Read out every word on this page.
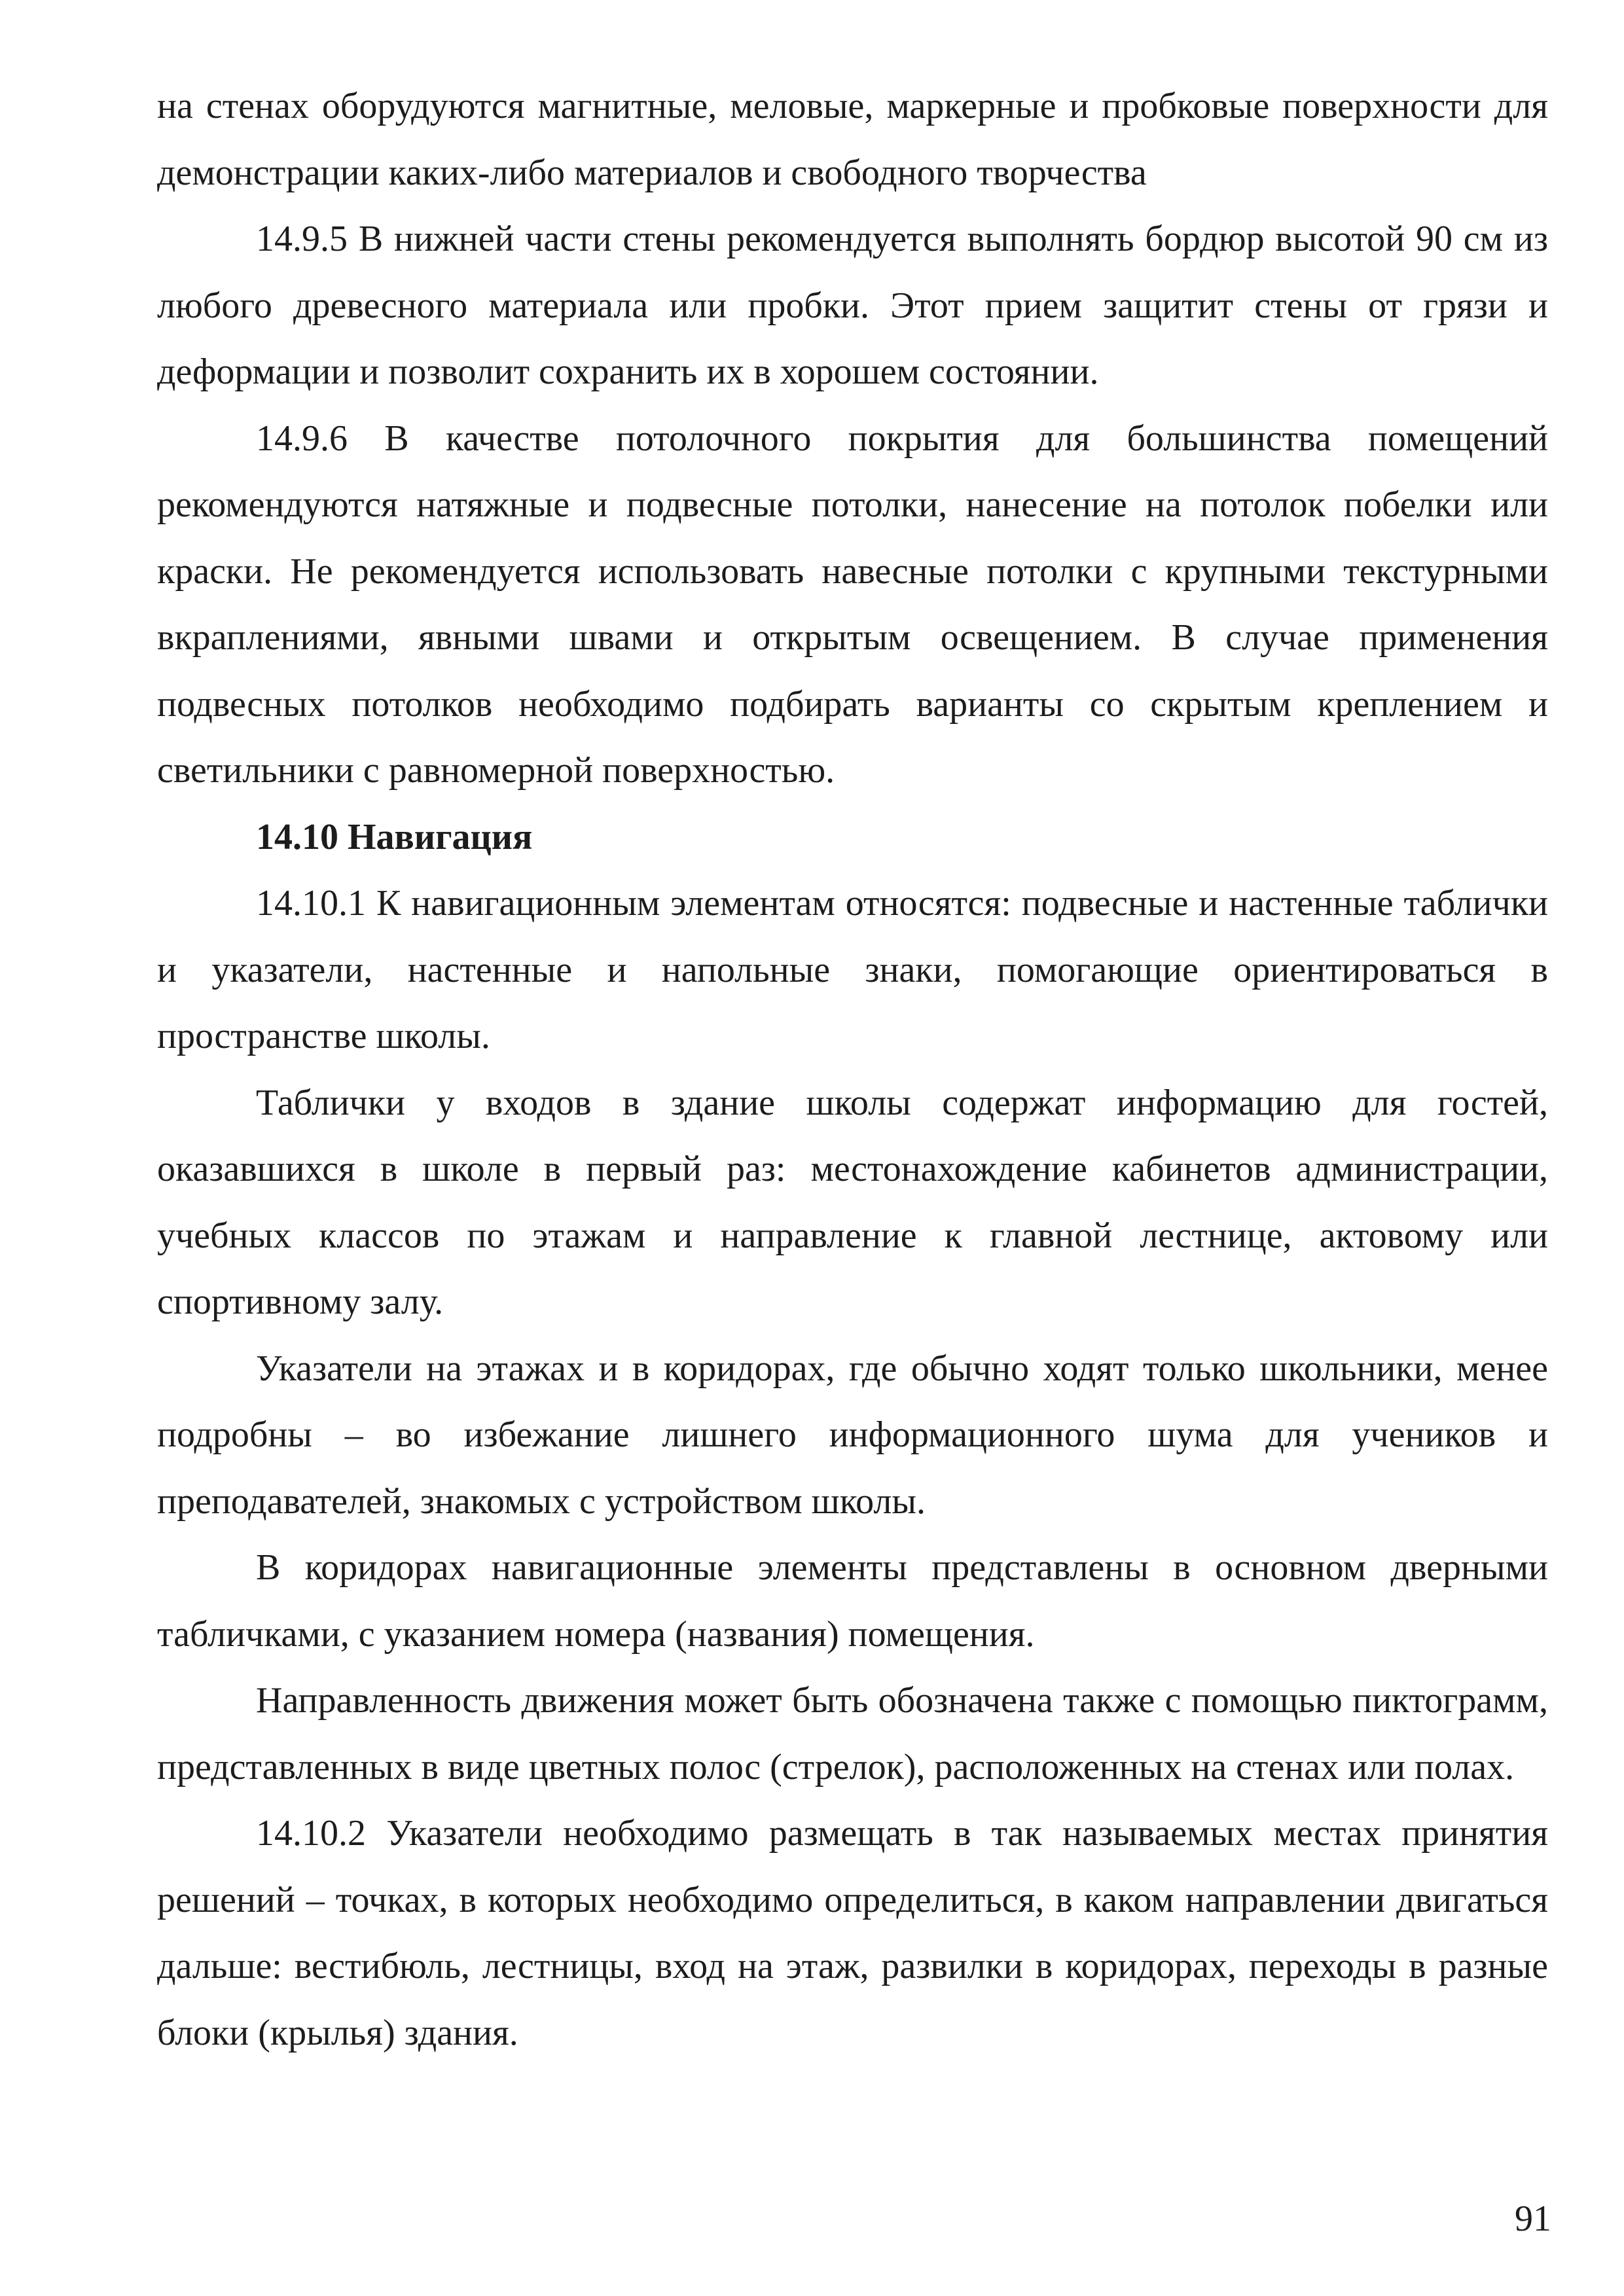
на стенах оборудуются магнитные, меловые, маркерные и пробковые поверхности для демонстрации каких-либо материалов и свободного творчества

14.9.5 В нижней части стены рекомендуется выполнять бордюр высотой 90 см из любого древесного материала или пробки. Этот прием защитит стены от грязи и деформации и позволит сохранить их в хорошем состоянии.

14.9.6 В качестве потолочного покрытия для большинства помещений рекомендуются натяжные и подвесные потолки, нанесение на потолок побелки или краски. Не рекомендуется использовать навесные потолки с крупными текстурными вкраплениями, явными швами и открытым освещением. В случае применения подвесных потолков необходимо подбирать варианты со скрытым креплением и светильники с равномерной поверхностью.

14.10 Навигация

14.10.1 К навигационным элементам относятся: подвесные и настенные таблички и указатели, настенные и напольные знаки, помогающие ориентироваться в пространстве школы.

Таблички у входов в здание школы содержат информацию для гостей, оказавшихся в школе в первый раз: местонахождение кабинетов администрации, учебных классов по этажам и направление к главной лестнице, актовому или спортивному залу.

Указатели на этажах и в коридорах, где обычно ходят только школьники, менее подробны – во избежание лишнего информационного шума для учеников и преподавателей, знакомых с устройством школы.

В коридорах навигационные элементы представлены в основном дверными табличками, с указанием номера (названия) помещения.

Направленность движения может быть обозначена также с помощью пиктограмм, представленных в виде цветных полос (стрелок), расположенных на стенах или полах.

14.10.2 Указатели необходимо размещать в так называемых местах принятия решений – точках, в которых необходимо определиться, в каком направлении двигаться дальше: вестибюль, лестницы, вход на этаж, развилки в коридорах, переходы в разные блоки (крылья) здания.

91
